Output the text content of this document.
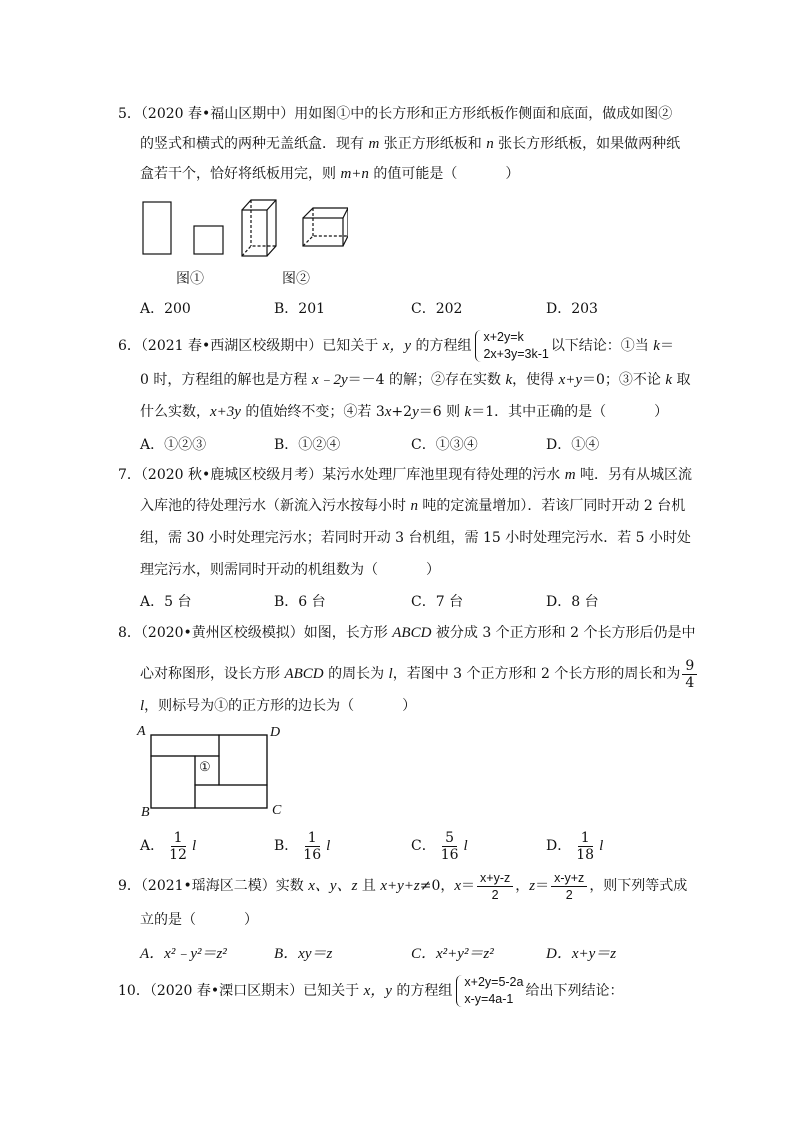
5．（2020 春•福山区期中）用如图①中的长方形和正方形纸板作侧面和底面，做成如图②
的竖式和横式的两种无盖纸盒．现有 m 张正方形纸板和 n 张长方形纸板，如果做两种纸
盒若干个，恰好将纸板用完，则 m+n 的值可能是（	）
图①	图②
A．200	B．201	C．202	D．203
6．（2021 春•西湖区校级期中）已知关于 x，y 的方程组
x+2y=k
2x+3y=3k-1 以下结论：①当 k＝
0 时，方程组的解也是方程 x﹣2y＝－4 的解；②存在实数 k，使得 x+y＝0；③不论 k 取
什么实数，x+3y 的值始终不变；④若 3x+2y＝6 则 k＝1．其中正确的是（	）
A．①②③	B．①②④	C．①③④	D．①④
7．（2020 秋•鹿城区校级月考）某污水处理厂库池里现有待处理的污水 m 吨．另有从城区流
入库池的待处理污水（新流入污水按每小时 n 吨的定流量增加）．若该厂同时开动 2 台机
组，需 30 小时处理完污水；若同时开动 3 台机组，需 15 小时处理完污水．若 5 小时处
理完污水，则需同时开动的机组数为（	）
A．5 台	B．6 台	C．7 台	D．8 台
8．（2020•黄州区校级模拟）如图，长方形 ABCD 被分成 3 个正方形和 2 个长方形后仍是中
心对称图形，设长方形 ABCD 的周长为 l，若图中 3 个正方形和 2 个长方形的周长和为 $\frac{9}{4}$
l，则标号为①的正方形的边长为（	）
A
B	C
D
①
A． $\frac{1}{12}$ l	B． $\frac{1}{16}$ l	C． $\frac{5}{16}$ l	D． $\frac{1}{18}$ l
9．（2021•瑶海区二模）实数 x、y、z 且 x+y+z≠0，$x= \frac{x+y-z}{2}$ ，$z= \frac{x-y+z}{2}$ ，则下列等式成
立的是（	）
A．x²﹣y²＝z²	B．xy＝z	C．x²+y²＝z²	D．x+y＝z
10．（2020 春•溧口区期末）已知关于 x，y 的方程组
x+2y=5-2a
x-y=4a-1 给出下列结论：
